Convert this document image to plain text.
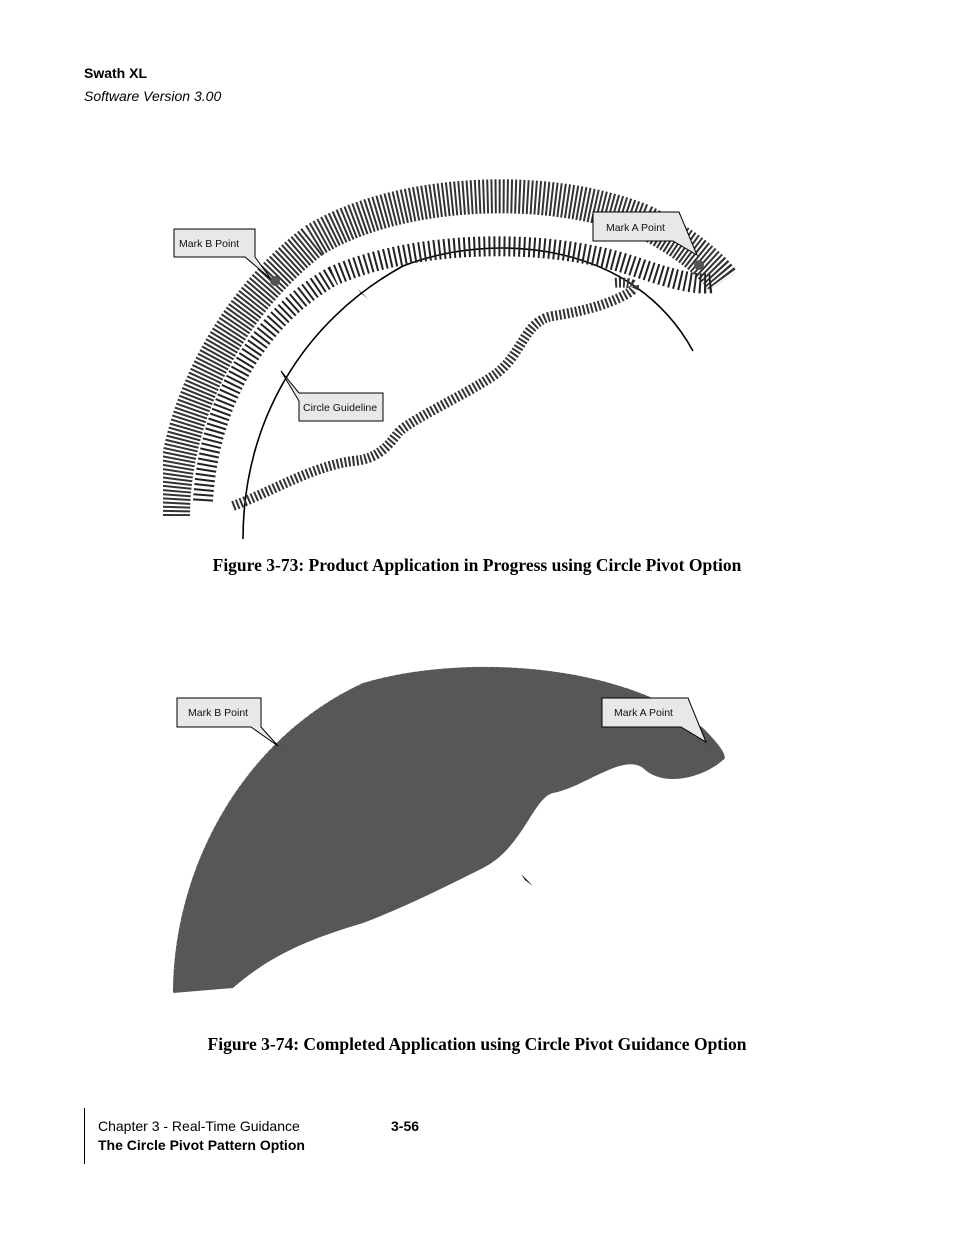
Swath XL
Software Version 3.00
Mark B Point
Mark A Point
Circle Guideline
Figure 3-73: Product Application in Progress using Circle Pivot Option
Mark B Point	Mark A Point
Figure 3-74: Completed Application using Circle Pivot Guidance Option
Chapter 3 - Real-Time Guidance	3-56
The Circle Pivot Pattern Option
